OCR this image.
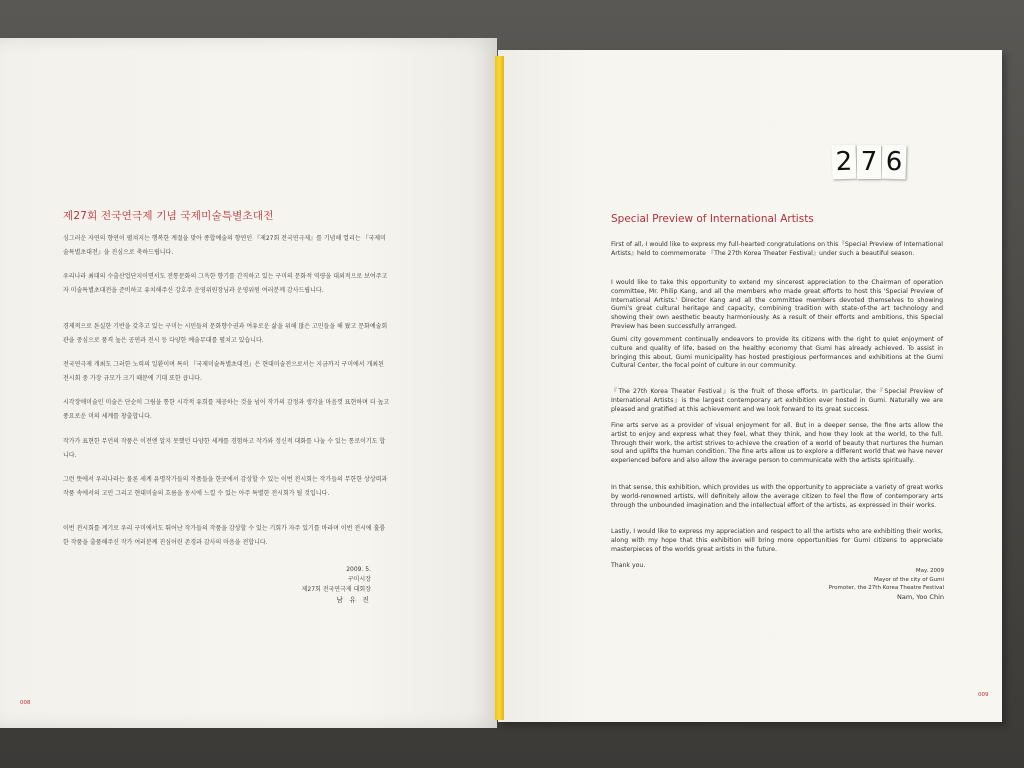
제27회 전국연극제 기념 국제미술특별초대전

싱그러운 자연의 향연이 펼쳐지는 행복한 계절을 맞아 종합예술의 향연인 『제27회 전국연극제』를 기념해 열리는 『국제미술특별초대전』을 진심으로 축하드립니다.

우리나라 최대의 수출산업단지이면서도 전통문화의 그윽한 향기를 간직하고 있는 구미의 문화적 역량을 대외적으로 보여주고자 미술특별초대전을 준비하고 유치해주신 강호주 운영위원장님과 운영위원 여러분께 감사드립니다.

경제적으로 튼실한 기반을 갖추고 있는 구미는 시민들의 문화향수권과 여유로운 삶을 위해 많은 고민들을 해 왔고 문화예술회관을 중심으로 품격 높은 공연과 전시 등 다양한 예술무대를 펼치고 있습니다.

전국연극제 개최도 그러한 노력의 일환이며 특히 『국제미술특별초대전』은 현대미술전으로서는 지금까지 구미에서 개최된 전시회 중 가장 규모가 크기 때문에 기대 또한 큽니다.

시각장애미술인 미술은 단순히 그림을 통한 시각적 유희를 제공하는 것을 넘어 작가의 감정과 생각을 마음껏 표현하며 더 높고 풍요로운 미의 세계를 창출합니다.

작가가 표현한 무언의 작품은 이전엔 알지 못했던 다양한 세계를 경험하고 작가와 정신적 대화를 나눌 수 있는 통로이기도 합니다.

그런 뜻에서 우리나라는 물론 세계 유명작가들의 작품들을 한곳에서 감상할 수 있는 이번 전시회는 작가들의 무한한 상상력과 작품 속에서의 고민 그리고 현대미술의 흐름을 동시에 느낄 수 있는 아주 특별한 전시회가 될 것입니다.

이번 전시회를 계기로 우리 구미에서도 뛰어난 작가들의 작품을 감상할 수 있는 기회가 자주 있기를 바라며 이번 전시에 훌륭한 작품을 출품해주신 작가 여러분께 진심어린 존경과 감사의 마음을 전합니다.

2009. 5.
구미시장
제27회 전국연극제 대회장
남 유 진
008
Special Preview of International Artists

First of all, I would like to express my full-hearted congratulations on this『Special Preview of International Artists』held to commemorate 『The 27th Korea Theater Festival』under such a beautiful season.

I would like to take this opportunity to extend my sincerest appreciation to the Chairman of operation committee, Mr. Philip Kang, and all the members who made great efforts to host this 'Special Preview of International Artists.' Director Kang and all the committee members devoted themselves to showing Gumi's great cultural heritage and capacity, combining tradition with state-of-the art technology and showing their own aesthetic beauty harmoniously. As a result of their efforts and ambitions, this Special Preview has been successfully arranged.

Gumi city government continually endeavors to provide its citizens with the right to quiet enjoyment of culture and quality of life, based on the healthy economy that Gumi has already achieved. To assist in bringing this about, Gumi municipality has hosted prestigious performances and exhibitions at the Gumi Cultural Center, the focal point of culture in our community.

『The 27th Korea Theater Festival』is the fruit of those efforts. In particular, the『Special Preview of International Artists』is the largest contemporary art exhibition ever hosted in Gumi. Naturally we are pleased and gratified at this achievement and we look forward to its great success.

Fine arts serve as a provider of visual enjoyment for all. But in a deeper sense, the fine arts allow the artist to enjoy and express what they feel, what they think, and how they look at the world, to the full. Through their work, the artist strives to achieve the creation of a world of beauty that nurtures the human soul and uplifts the human condition. The fine arts allow us to explore a different world that we have never experienced before and also allow the average person to communicate with the artists spiritually.

In that sense, this exhibition, which provides us with the opportunity to appreciate a variety of great works by world-renowned artists, will definitely allow the average citizen to feel the flow of contemporary arts through the unbounded imagination and the intellectual effort of the artists, as expressed in their works.

Lastly, I would like to express my appreciation and respect to all the artists who are exhibiting their works, along with my hope that this exhibition will bring more opportunities for Gumi citizens to appreciate masterpieces of the worlds great artists in the future.

Thank you.

May. 2009
Mayor of the city of Gumi
Promoter, the 27th Korea Theatre Festival
Nam, Yoo Chin
009
2 7 6
